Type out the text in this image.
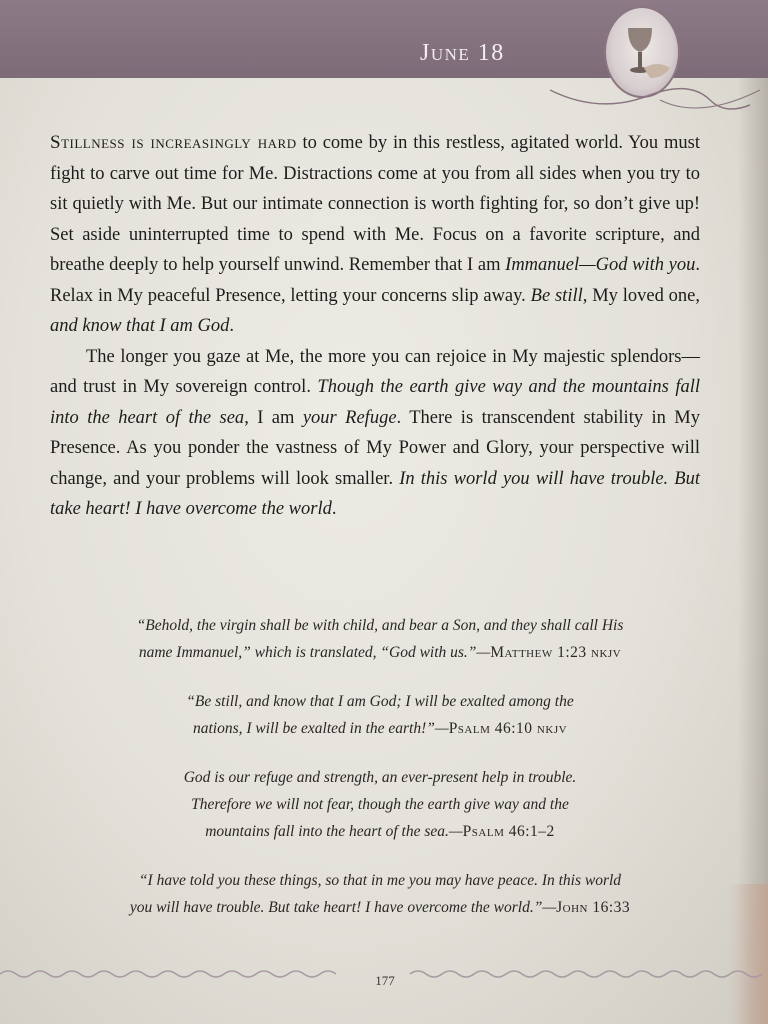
June 18

Stillness is increasingly hard to come by in this restless, agitated world. You must fight to carve out time for Me. Distractions come at you from all sides when you try to sit quietly with Me. But our intimate connection is worth fighting for, so don’t give up! Set aside uninterrupted time to spend with Me. Focus on a favorite scripture, and breathe deeply to help yourself unwind. Remember that I am Immanuel—God with you. Relax in My peaceful Presence, letting your concerns slip away. Be still, My loved one, and know that I am God.

The longer you gaze at Me, the more you can rejoice in My majestic splendors—and trust in My sovereign control. Though the earth give way and the mountains fall into the heart of the sea, I am your Refuge. There is transcendent stability in My Presence. As you ponder the vastness of My Power and Glory, your perspective will change, and your problems will look smaller. In this world you will have trouble. But take heart! I have overcome the world.

“Behold, the virgin shall be with child, and bear a Son, and they shall call His
name Immanuel,” which is translated, “God with us.”—Matthew 1:23 nkjv
“Be still, and know that I am God; I will be exalted among the
nations, I will be exalted in the earth!”—Psalm 46:10 nkjv
God is our refuge and strength, an ever-present help in trouble.
Therefore we will not fear, though the earth give way and the
mountains fall into the heart of the sea.—Psalm 46:1–2
“I have told you these things, so that in me you may have peace. In this world
you will have trouble. But take heart! I have overcome the world.”—John 16:33
177
